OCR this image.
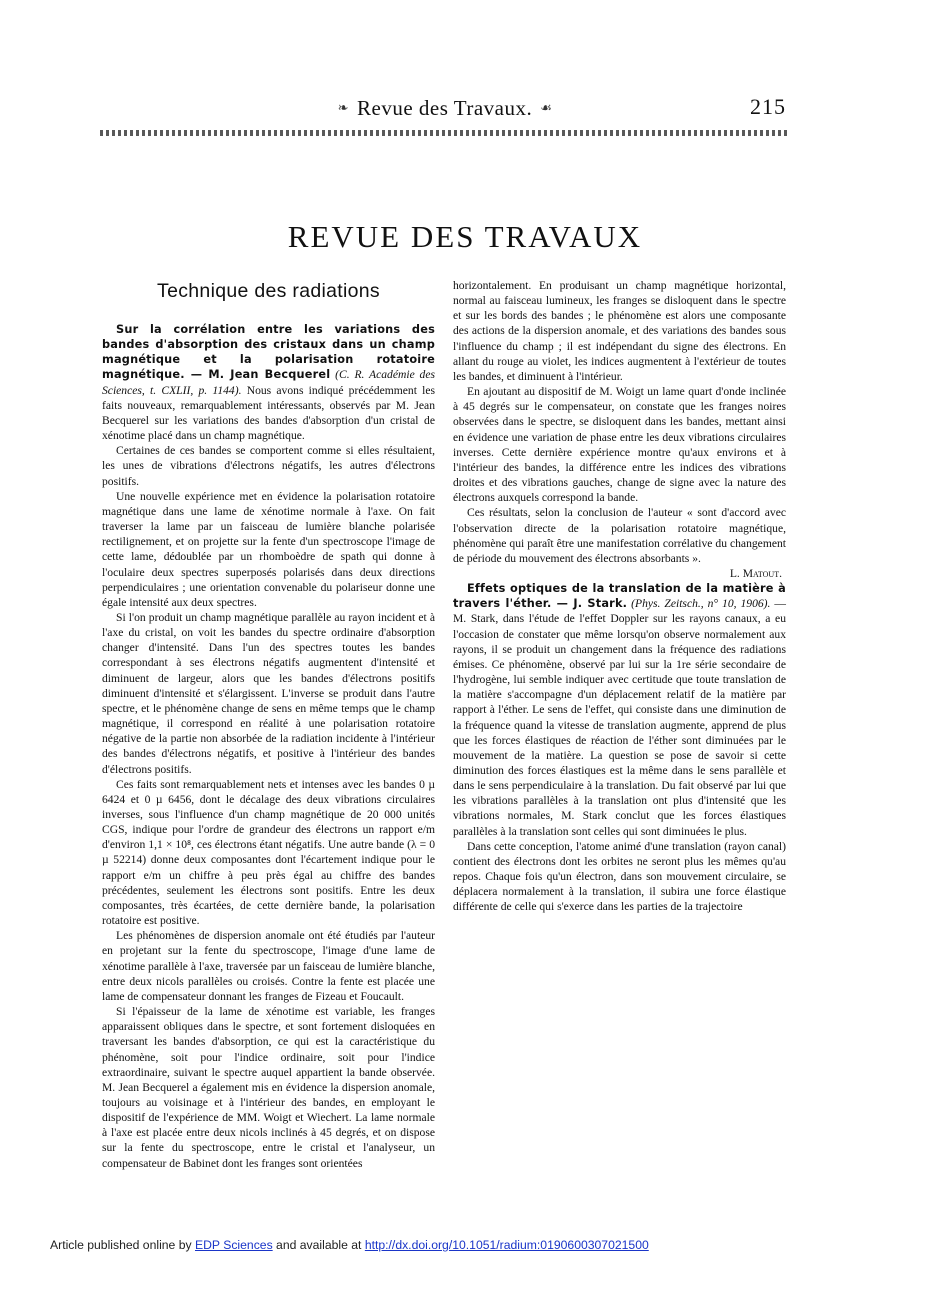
❧ Revue des Travaux. ☙	215
REVUE DES TRAVAUX
Technique des radiations

Sur la corrélation entre les variations des bandes d'absorption des cristaux dans un champ magnétique et la polarisation rotatoire magnétique. — M. Jean Becquerel (C. R. Académie des Sciences, t. CXLII, p. 1144). Nous avons indiqué précédemment les faits nouveaux, remarquablement intéressants, observés par M. Jean Becquerel sur les variations des bandes d'absorption d'un cristal de xénotime placé dans un champ magnétique.

Certaines de ces bandes se comportent comme si elles résultaient, les unes de vibrations d'électrons négatifs, les autres d'électrons positifs.

Une nouvelle expérience met en évidence la polarisation rotatoire magnétique dans une lame de xénotime normale à l'axe. On fait traverser la lame par un faisceau de lumière blanche polarisée rectilignement, et on projette sur la fente d'un spectroscope l'image de cette lame, dédoublée par un rhomboèdre de spath qui donne à l'oculaire deux spectres superposés polarisés dans deux directions perpendiculaires ; une orientation convenable du polariseur donne une égale intensité aux deux spectres.

Si l'on produit un champ magnétique parallèle au rayon incident et à l'axe du cristal, on voit les bandes du spectre ordinaire d'absorption changer d'intensité. Dans l'un des spectres toutes les bandes correspondant à ses électrons négatifs augmentent d'intensité et diminuent de largeur, alors que les bandes d'électrons positifs diminuent d'intensité et s'élargissent. L'inverse se produit dans l'autre spectre, et le phénomène change de sens en même temps que le champ magnétique, il correspond en réalité à une polarisation rotatoire négative de la partie non absorbée de la radiation incidente à l'intérieur des bandes d'électrons négatifs, et positive à l'intérieur des bandes d'électrons positifs.

Ces faits sont remarquablement nets et intenses avec les bandes 0 µ 6424 et 0 µ 6456, dont le décalage des deux vibrations circulaires inverses, sous l'influence d'un champ magnétique de 20 000 unités CGS, indique pour l'ordre de grandeur des électrons un rapport e/m d'environ 1,1 × 10⁸, ces électrons étant négatifs. Une autre bande (λ = 0 µ 52214) donne deux composantes dont l'écartement indique pour le rapport e/m un chiffre à peu près égal au chiffre des bandes précédentes, seulement les électrons sont positifs. Entre les deux composantes, très écartées, de cette dernière bande, la polarisation rotatoire est positive.

Les phénomènes de dispersion anomale ont été étudiés par l'auteur en projetant sur la fente du spectroscope, l'image d'une lame de xénotime parallèle à l'axe, traversée par un faisceau de lumière blanche, entre deux nicols parallèles ou croisés. Contre la fente est placée une lame de compensateur donnant les franges de Fizeau et Foucault.

Si l'épaisseur de la lame de xénotime est variable, les franges apparaissent obliques dans le spectre, et sont fortement disloquées en traversant les bandes d'absorption, ce qui est la caractéristique du phénomène, soit pour l'indice ordinaire, soit pour l'indice extraordinaire, suivant le spectre auquel appartient la bande observée. M. Jean Becquerel a également mis en évidence la dispersion anomale, toujours au voisinage et à l'intérieur des bandes, en employant le dispositif de l'expérience de MM. Woigt et Wiechert. La lame normale à l'axe est placée entre deux nicols inclinés à 45 degrés, et on dispose sur la fente du spectroscope, entre le cristal et l'analyseur, un compensateur de Babinet dont les franges sont orientées

horizontalement. En produisant un champ magnétique horizontal, normal au faisceau lumineux, les franges se disloquent dans le spectre et sur les bords des bandes ; le phénomène est alors une composante des actions de la dispersion anomale, et des variations des bandes sous l'influence du champ ; il est indépendant du signe des électrons. En allant du rouge au violet, les indices augmentent à l'extérieur de toutes les bandes, et diminuent à l'intérieur.

En ajoutant au dispositif de M. Woigt un lame quart d'onde inclinée à 45 degrés sur le compensateur, on constate que les franges noires observées dans le spectre, se disloquent dans les bandes, mettant ainsi en évidence une variation de phase entre les deux vibrations circulaires inverses. Cette dernière expérience montre qu'aux environs et à l'intérieur des bandes, la différence entre les indices des vibrations droites et des vibrations gauches, change de signe avec la nature des électrons auxquels correspond la bande.

Ces résultats, selon la conclusion de l'auteur « sont d'accord avec l'observation directe de la polarisation rotatoire magnétique, phénomène qui paraît être une manifestation corrélative du changement de période du mouvement des électrons absorbants ».

L. Matout.

Effets optiques de la translation de la matière à travers l'éther. — J. Stark. (Phys. Zeitsch., n° 10, 1906). — M. Stark, dans l'étude de l'effet Doppler sur les rayons canaux, a eu l'occasion de constater que même lorsqu'on observe normalement aux rayons, il se produit un changement dans la fréquence des radiations émises. Ce phénomène, observé par lui sur la 1re série secondaire de l'hydrogène, lui semble indiquer avec certitude que toute translation de la matière s'accompagne d'un déplacement relatif de la matière par rapport à l'éther. Le sens de l'effet, qui consiste dans une diminution de la fréquence quand la vitesse de translation augmente, apprend de plus que les forces élastiques de réaction de l'éther sont diminuées par le mouvement de la matière. La question se pose de savoir si cette diminution des forces élastiques est la même dans le sens parallèle et dans le sens perpendiculaire à la translation. Du fait observé par lui que les vibrations parallèles à la translation ont plus d'intensité que les vibrations normales, M. Stark conclut que les forces élastiques parallèles à la translation sont celles qui sont diminuées le plus.

Dans cette conception, l'atome animé d'une translation (rayon canal) contient des électrons dont les orbites ne seront plus les mêmes qu'au repos. Chaque fois qu'un électron, dans son mouvement circulaire, se déplacera normalement à la translation, il subira une force élastique différente de celle qui s'exerce dans les parties de la trajectoire

Article published online by EDP Sciences and available at http://dx.doi.org/10.1051/radium:0190600307021500
